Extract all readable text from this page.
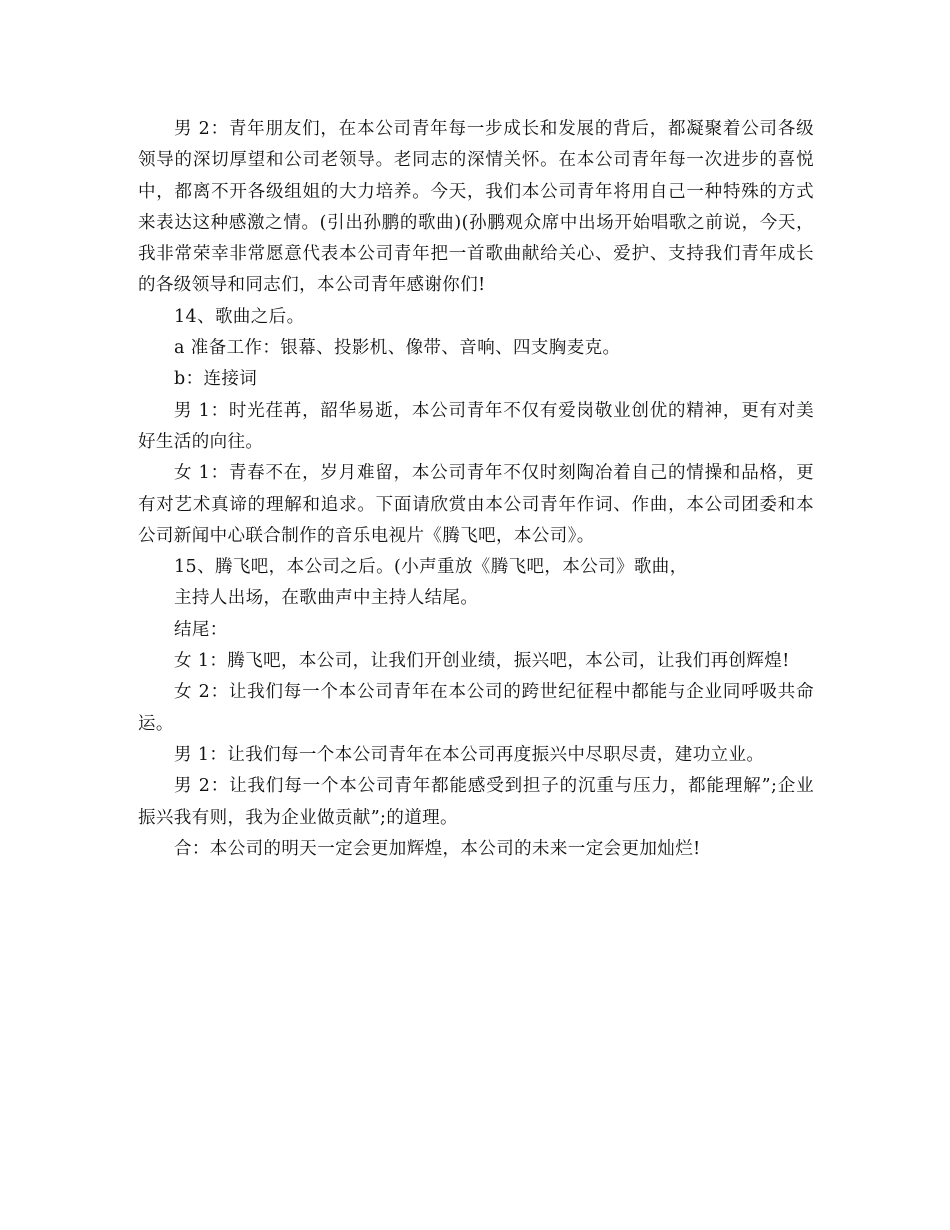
男 2：青年朋友们，在本公司青年每一步成长和发展的背后，都凝聚着公司各级领导的深切厚望和公司老领导。老同志的深情关怀。在本公司青年每一次进步的喜悦中，都离不开各级组姐的大力培养。今天，我们本公司青年将用自己一种特殊的方式来表达这种感激之情。(引出孙鹏的歌曲)(孙鹏观众席中出场开始唱歌之前说，今天，我非常荣幸非常愿意代表本公司青年把一首歌曲献给关心、爱护、支持我们青年成长的各级领导和同志们，本公司青年感谢你们!

14、歌曲之后。

a 准备工作：银幕、投影机、像带、音响、四支胸麦克。

b：连接词

男 1：时光荏苒，韶华易逝，本公司青年不仅有爱岗敬业创优的精神，更有对美好生活的向往。

女 1：青春不在，岁月难留，本公司青年不仅时刻陶冶着自己的情操和品格，更有对艺术真谛的理解和追求。下面请欣赏由本公司青年作词、作曲，本公司团委和本公司新闻中心联合制作的音乐电视片《腾飞吧，本公司》。

15、腾飞吧，本公司之后。(小声重放《腾飞吧，本公司》歌曲，

主持人出场，在歌曲声中主持人结尾。

结尾：

女 1：腾飞吧，本公司，让我们开创业绩，振兴吧，本公司，让我们再创辉煌!

女 2：让我们每一个本公司青年在本公司的跨世纪征程中都能与企业同呼吸共命运。

男 1：让我们每一个本公司青年在本公司再度振兴中尽职尽责，建功立业。

男 2：让我们每一个本公司青年都能感受到担子的沉重与压力，都能理解”;企业振兴我有则，我为企业做贡献”;的道理。

合：本公司的明天一定会更加辉煌，本公司的未来一定会更加灿烂!
